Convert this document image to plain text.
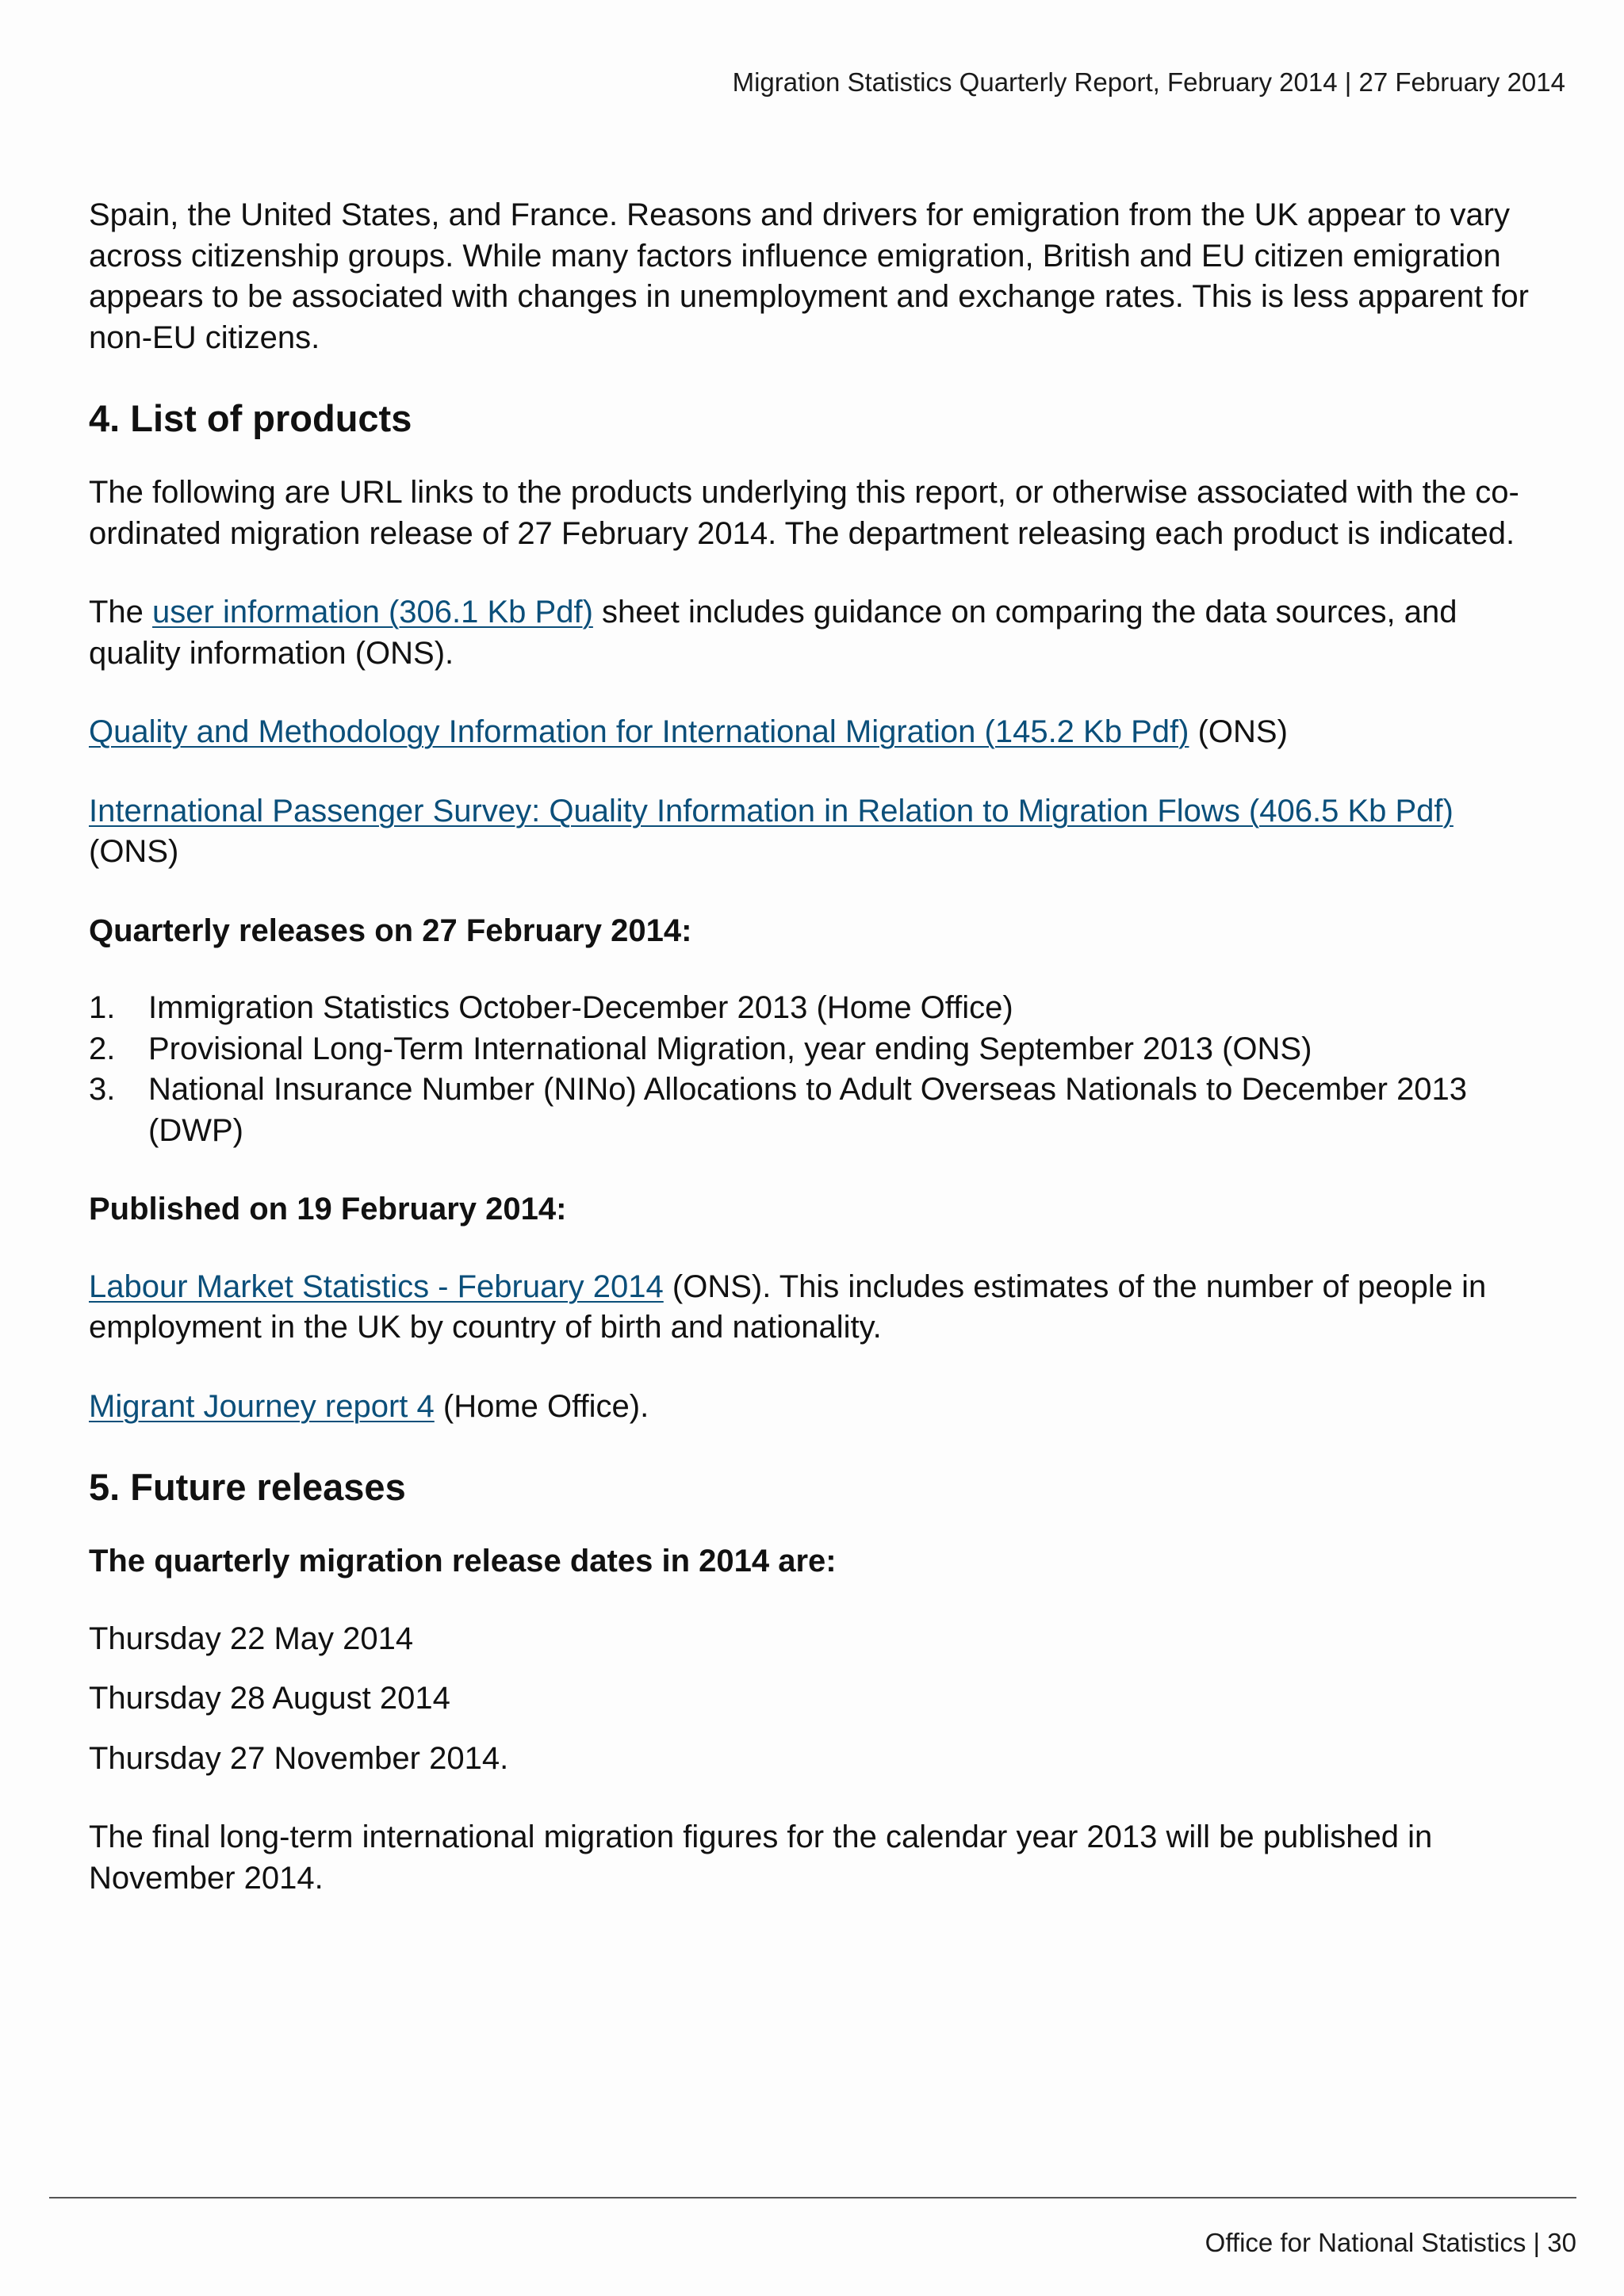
Migration Statistics Quarterly Report, February 2014 | 27 February 2014

Spain, the United States, and France. Reasons and drivers for emigration from the UK appear to vary across citizenship groups. While many factors influence emigration, British and EU citizen emigration appears to be associated with changes in unemployment and exchange rates. This is less apparent for non-EU citizens.

4. List of products

The following are URL links to the products underlying this report, or otherwise associated with the co-ordinated migration release of 27 February 2014. The department releasing each product is indicated.

The user information (306.1 Kb Pdf) sheet includes guidance on comparing the data sources, and quality information (ONS).

Quality and Methodology Information for International Migration (145.2 Kb Pdf) (ONS)

International Passenger Survey: Quality Information in Relation to Migration Flows (406.5 Kb Pdf)
(ONS)

Quarterly releases on 27 February 2014:

1.	Immigration Statistics October-December 2013 (Home Office)
2.	Provisional Long-Term International Migration, year ending September 2013 (ONS)
3.	National Insurance Number (NINo) Allocations to Adult Overseas Nationals to December 2013 (DWP)

Published on 19 February 2014:

Labour Market Statistics - February 2014 (ONS). This includes estimates of the number of people in employment in the UK by country of birth and nationality.

Migrant Journey report 4 (Home Office).

5. Future releases

The quarterly migration release dates in 2014 are:

Thursday 22 May 2014

Thursday 28 August 2014

Thursday 27 November 2014.

The final long-term international migration figures for the calendar year 2013 will be published in November 2014.

Office for National Statistics | 30
